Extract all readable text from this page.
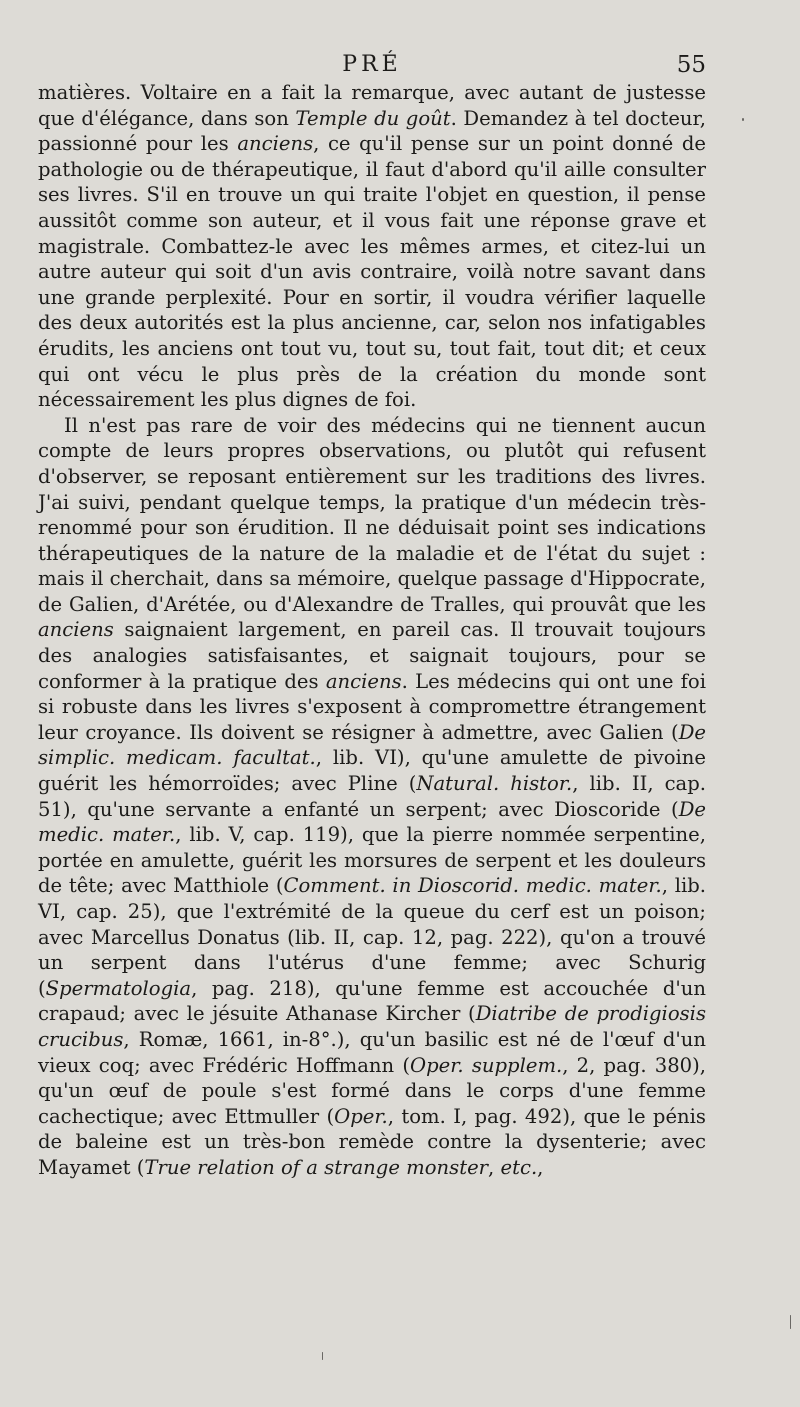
PRÉ	55

matières. Voltaire en a fait la remarque, avec autant de justesse que d'élégance, dans son Temple du goût. Demandez à tel docteur, passionné pour les anciens, ce qu'il pense sur un point donné de pathologie ou de thérapeutique, il faut d'abord qu'il aille consulter ses livres. S'il en trouve un qui traite l'objet en question, il pense aussitôt comme son auteur, et il vous fait une réponse grave et magistrale. Combattez-le avec les mêmes armes, et citez-lui un autre auteur qui soit d'un avis contraire, voilà notre savant dans une grande perplexité. Pour en sortir, il voudra vérifier laquelle des deux autorités est la plus ancienne, car, selon nos infatigables érudits, les anciens ont tout vu, tout su, tout fait, tout dit; et ceux qui ont vécu le plus près de la création du monde sont nécessairement les plus dignes de foi.

Il n'est pas rare de voir des médecins qui ne tiennent aucun compte de leurs propres observations, ou plutôt qui refusent d'observer, se reposant entièrement sur les traditions des livres. J'ai suivi, pendant quelque temps, la pratique d'un médecin très-renommé pour son érudition. Il ne déduisait point ses indications thérapeutiques de la nature de la maladie et de l'état du sujet : mais il cherchait, dans sa mémoire, quelque passage d'Hippocrate, de Galien, d'Arétée, ou d'Alexandre de Tralles, qui prouvât que les anciens saignaient largement, en pareil cas. Il trouvait toujours des analogies satisfaisantes, et saignait toujours, pour se conformer à la pratique des anciens. Les médecins qui ont une foi si robuste dans les livres s'exposent à compromettre étrangement leur croyance. Ils doivent se résigner à admettre, avec Galien (De simplic. medicam. facultat., lib. VI), qu'une amulette de pivoine guérit les hémorroïdes; avec Pline (Natural. histor., lib. II, cap. 51), qu'une servante a enfanté un serpent; avec Dioscoride (De medic. mater., lib. V, cap. 119), que la pierre nommée serpentine, portée en amulette, guérit les morsures de serpent et les douleurs de tête; avec Matthiole (Comment. in Dioscorid. medic. mater., lib. VI, cap. 25), que l'extrémité de la queue du cerf est un poison; avec Marcellus Donatus (lib. II, cap. 12, pag. 222), qu'on a trouvé un serpent dans l'utérus d'une femme; avec Schurig (Spermatologia, pag. 218), qu'une femme est accouchée d'un crapaud; avec le jésuite Athanase Kircher (Diatribe de prodigiosis crucibus, Romæ, 1661, in-8°.), qu'un basilic est né de l'œuf d'un vieux coq; avec Frédéric Hoffmann (Oper. supplem., 2, pag. 380), qu'un œuf de poule s'est formé dans le corps d'une femme cachectique; avec Ettmuller (Oper., tom. I, pag. 492), que le pénis de baleine est un très-bon remède contre la dysenterie; avec Mayamet (True relation of a strange monster, etc.,
